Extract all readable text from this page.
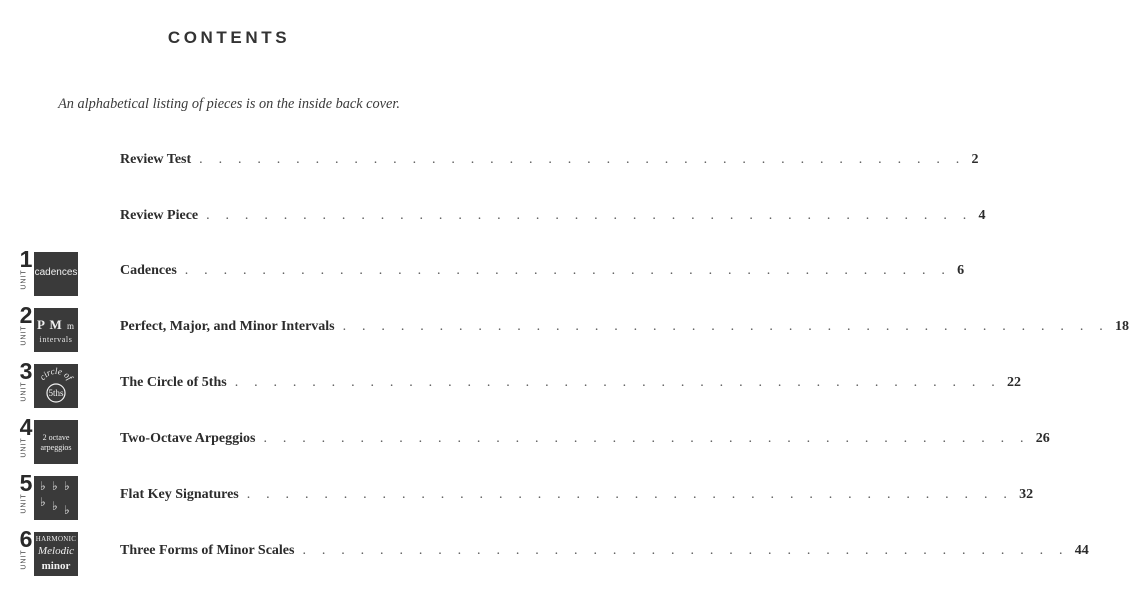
CONTENTS
An alphabetical listing of pieces is on the inside back cover.
Review Test . . . . . . . . . . . . . . . . . . . . . . . . . . . . . . . . . . . . . . . . 2
Review Piece . . . . . . . . . . . . . . . . . . . . . . . . . . . . . . . . . . . . . . . . 4
Cadences . . . . . . . . . . . . . . . . . . . . . . . . . . . . . . . . . . . . . . . . 6
Perfect, Major, and Minor Intervals . . . . . . . . . . . . . . . . . . . . . . . . . . . . . . . . . . . . . . . . 18
The Circle of 5ths . . . . . . . . . . . . . . . . . . . . . . . . . . . . . . . . . . . . . . . . 22
Two-Octave Arpeggios . . . . . . . . . . . . . . . . . . . . . . . . . . . . . . . . . . . . . . . . 26
Flat Key Signatures . . . . . . . . . . . . . . . . . . . . . . . . . . . . . . . . . . . . . . . . 32
Three Forms of Minor Scales . . . . . . . . . . . . . . . . . . . . . . . . . . . . . . . . . . . . . . . . 44
1
UNIT cadences
2
UNIT
P M m
intervals
3
UNIT
circle of
5ths
4
UNIT	2 octave
arpeggios
5
UNIT
♭ ♭ ♭
♭ ♭ ♭
6
UNIT
HARMONIC
Melodic
minor
